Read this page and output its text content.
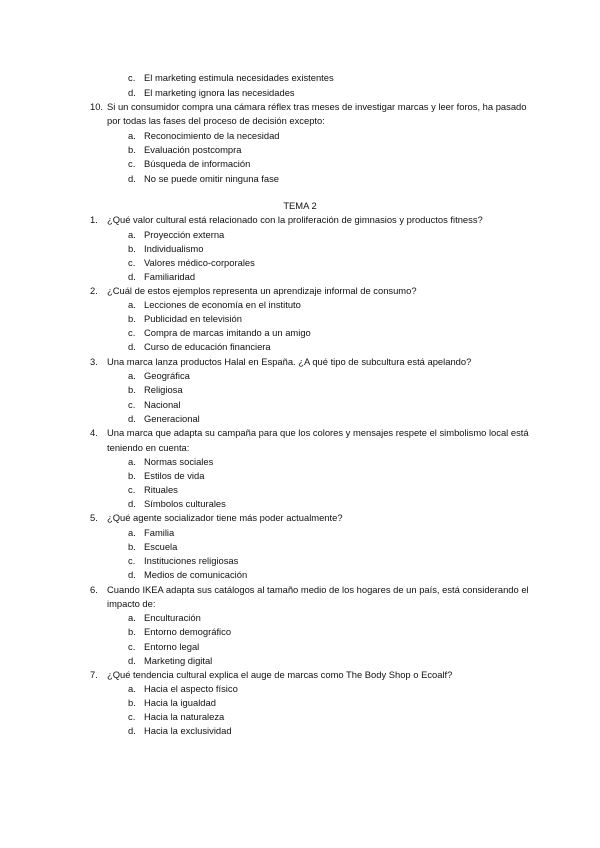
c. El marketing estimula necesidades existentes
d. El marketing ignora las necesidades
10. Si un consumidor compra una cámara réflex tras meses de investigar marcas y leer foros, ha pasado
por todas las fases del proceso de decisión excepto:
a. Reconocimiento de la necesidad
b. Evaluación postcompra
c. Búsqueda de información
d. No se puede omitir ninguna fase
TEMA 2
1. ¿Qué valor cultural está relacionado con la proliferación de gimnasios y productos fitness?
a. Proyección externa
b. Individualismo
c. Valores médico-corporales
d. Familiaridad
2. ¿Cuál de estos ejemplos representa un aprendizaje informal de consumo?
a. Lecciones de economía en el instituto
b. Publicidad en televisión
c. Compra de marcas imitando a un amigo
d. Curso de educación financiera
3. Una marca lanza productos Halal en España. ¿A qué tipo de subcultura está apelando?
a. Geográfica
b. Religiosa
c. Nacional
d. Generacional
4. Una marca que adapta su campaña para que los colores y mensajes respete el simbolismo local está
teniendo en cuenta:
a. Normas sociales
b. Estilos de vida
c. Rituales
d. Símbolos culturales
5. ¿Qué agente socializador tiene más poder actualmente?
a. Familia
b. Escuela
c. Instituciones religiosas
d. Medios de comunicación
6. Cuando IKEA adapta sus catálogos al tamaño medio de los hogares de un país, está considerando el
impacto de:
a. Enculturación
b. Entorno demográfico
c. Entorno legal
d. Marketing digital
7. ¿Qué tendencia cultural explica el auge de marcas como The Body Shop o Ecoalf?
a. Hacia el aspecto físico
b. Hacia la igualdad
c. Hacia la naturaleza
d. Hacia la exclusividad
